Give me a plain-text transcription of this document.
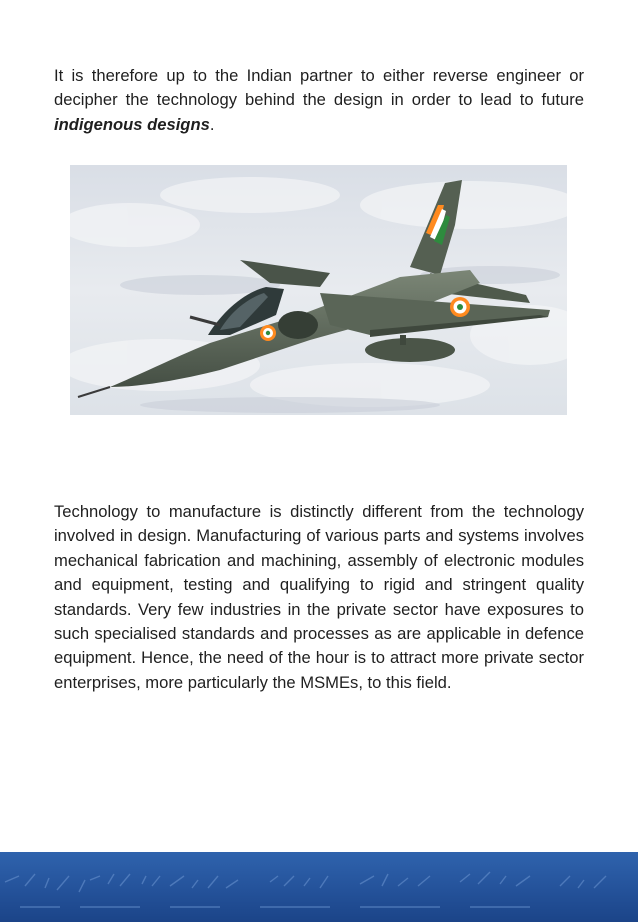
It is therefore up to the Indian partner to either reverse engineer or decipher the technology behind the design in order to lead to future indigenous designs.

Technology to manufacture is distinctly different from the technology involved in design. Manufacturing of various parts and systems involves mechanical fabrication and machining, assembly of electronic modules and equipment, testing and qualifying to rigid and stringent quality standards. Very few industries in the private sector have exposures to such specialised standards and processes as are applicable in defence equipment. Hence, the need of the hour is to attract more private sector enterprises, more particularly the MSMEs, to this field.
